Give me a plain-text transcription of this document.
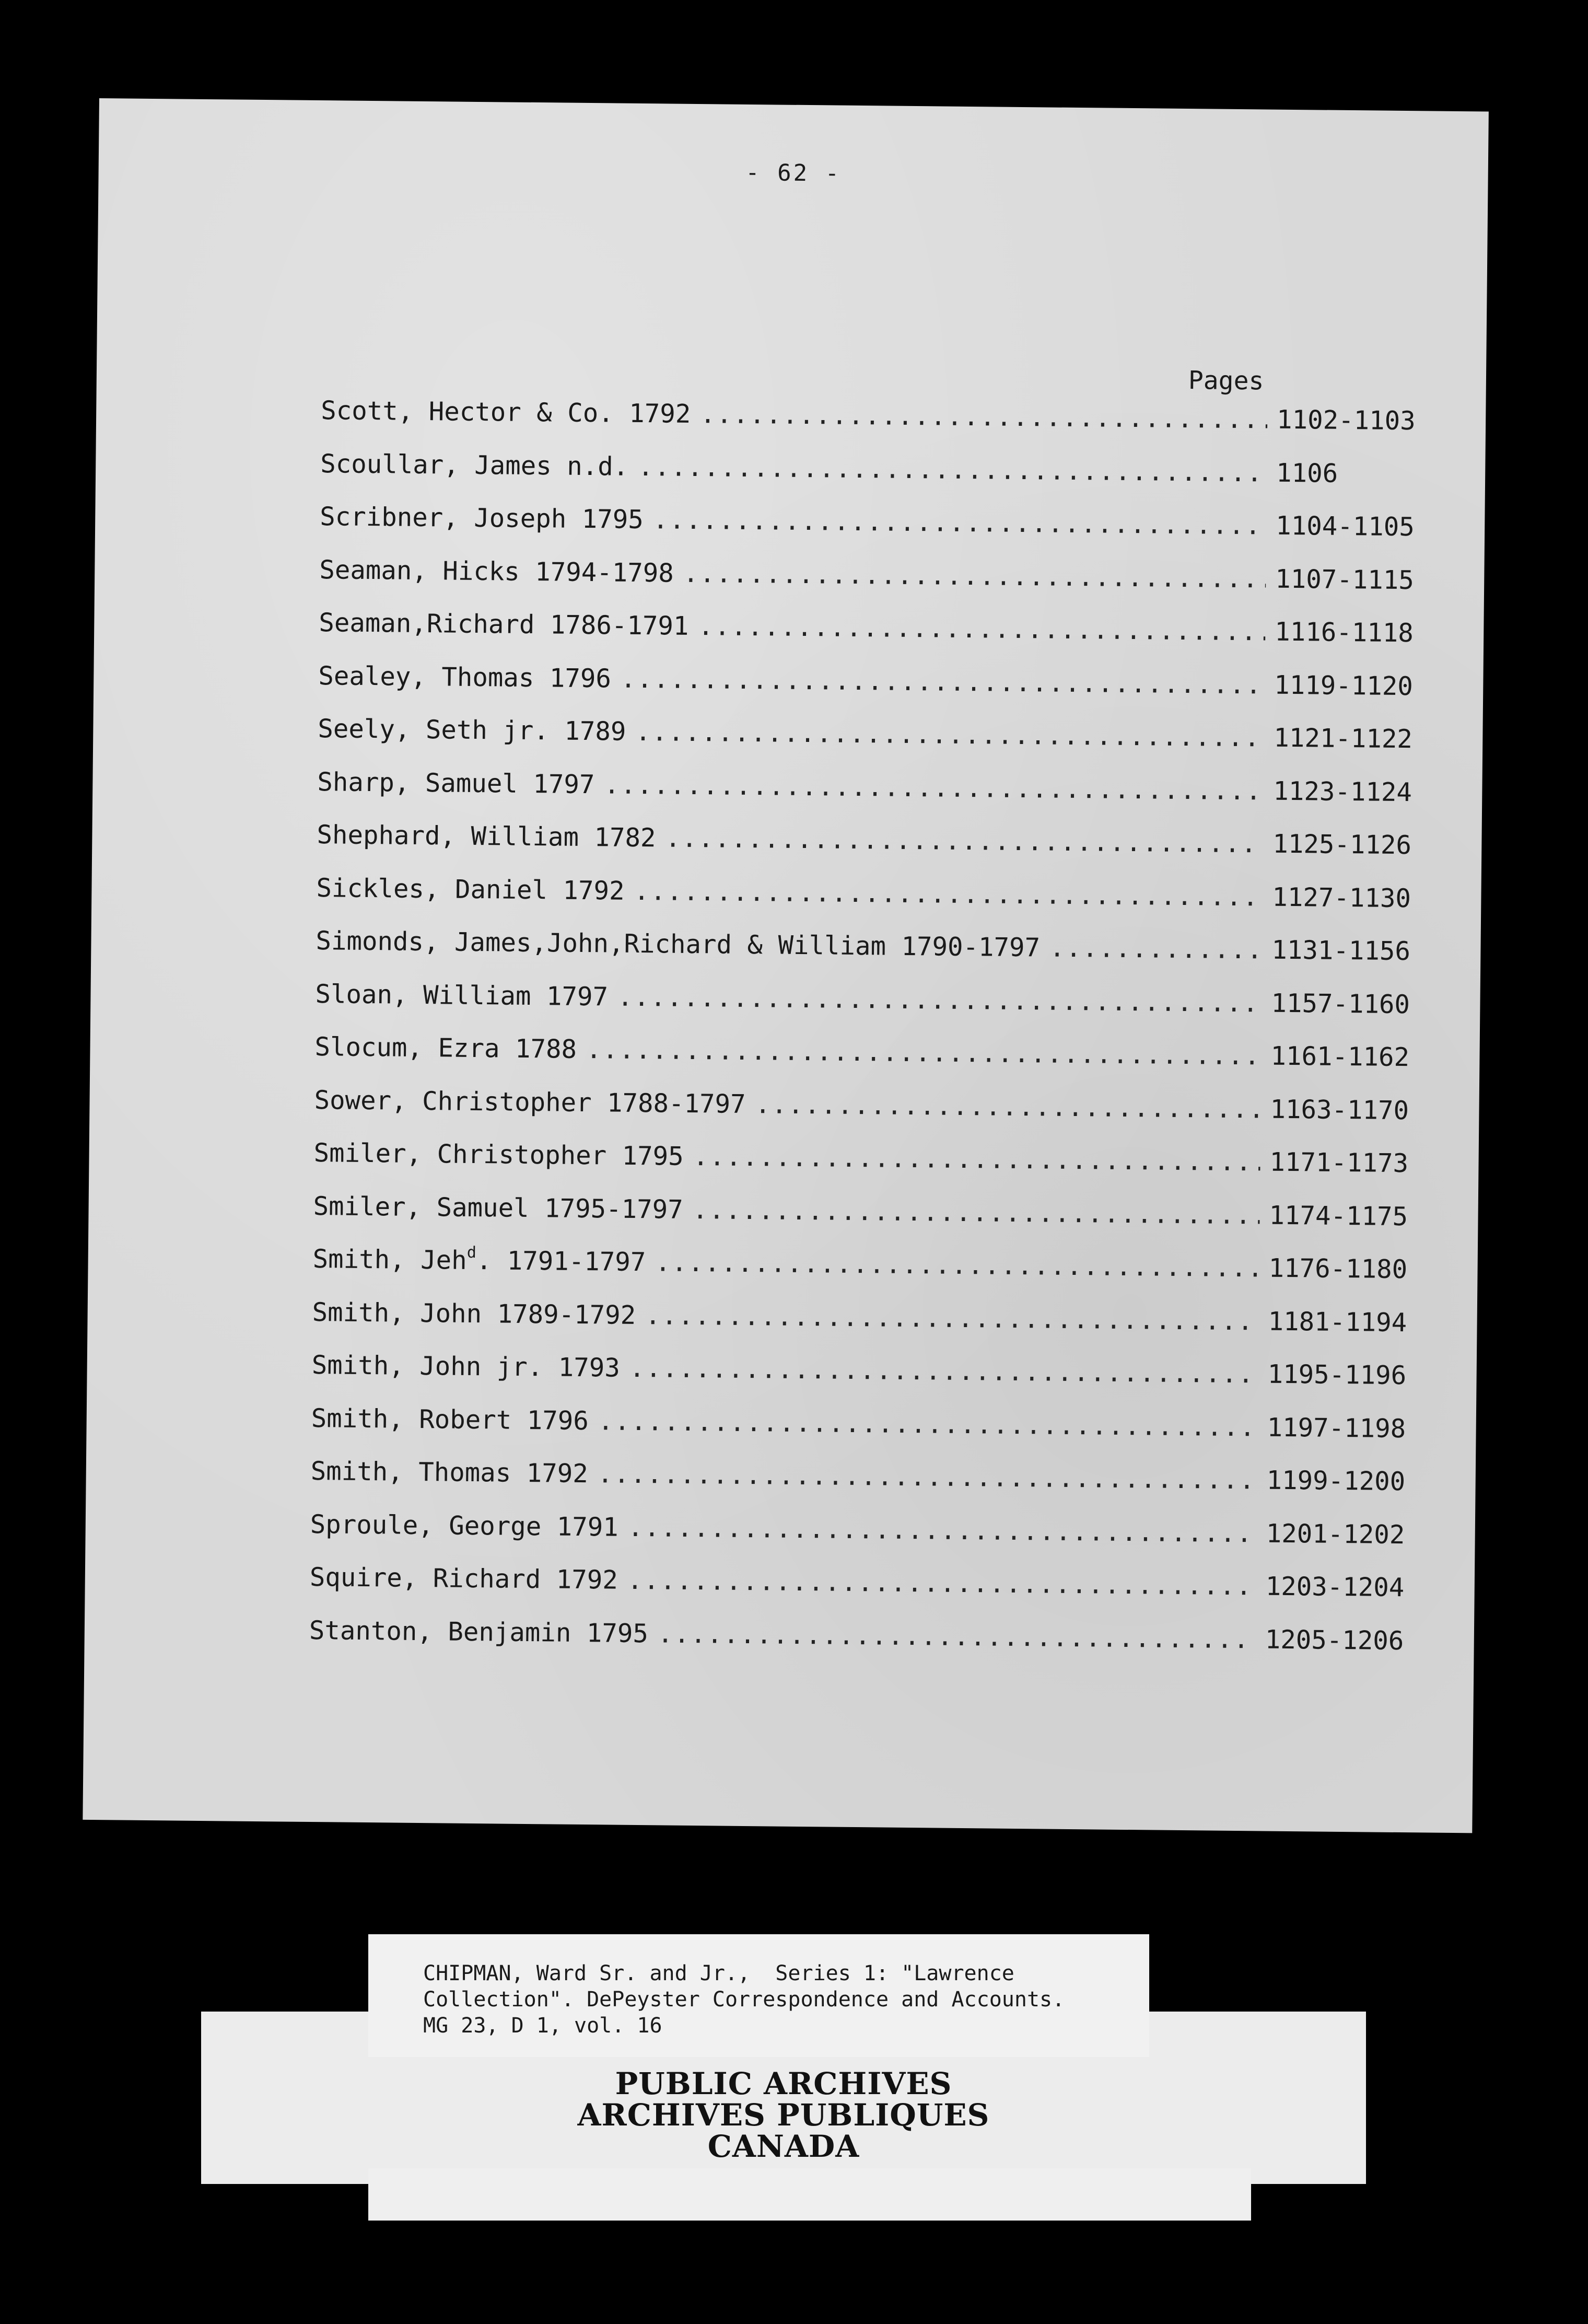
- 62 -
Pages
Scott, Hector & Co. 1792 .....	1102-1103
Scoullar, James n.d. .....	1106
Scribner, Joseph 1795 .....	1104-1105
Seaman, Hicks 1794-1798 .....	1107-1115
Seaman,Richard 1786-1791 .....	1116-1118
Sealey, Thomas 1796 .....	1119-1120
Seely, Seth jr. 1789 .....	1121-1122
Sharp, Samuel 1797 .....	1123-1124
Shephard, William 1782 .....	1125-1126
Sickles, Daniel 1792 .....	1127-1130
Simonds, James,John,Richard & William 1790-1797 .....	1131-1156
Sloan, William 1797 .....	1157-1160
Slocum, Ezra 1788 .....	1161-1162
Sower, Christopher 1788-1797 .....	1163-1170
Smiler, Christopher 1795 .....	1171-1173
Smiler, Samuel 1795-1797 .....	1174-1175
Smith, Jeh$^d$. 1791-1797 .....	1176-1180
Smith, John 1789-1792 .....	1181-1194
Smith, John jr. 1793 .....	1195-1196
Smith, Robert 1796 .....	1197-1198
Smith, Thomas 1792 .....	1199-1200
Sproule, George 1791 .....	1201-1202
Squire, Richard 1792 .....	1203-1204
Stanton, Benjamin 1795 .....	1205-1206
CHIPMAN, Ward Sr. and Jr.,  Series 1: "Lawrence
Collection". DePeyster Correspondence and Accounts.
MG 23, D 1, vol. 16
PUBLIC ARCHIVES
ARCHIVES PUBLIQUES
CANADA
